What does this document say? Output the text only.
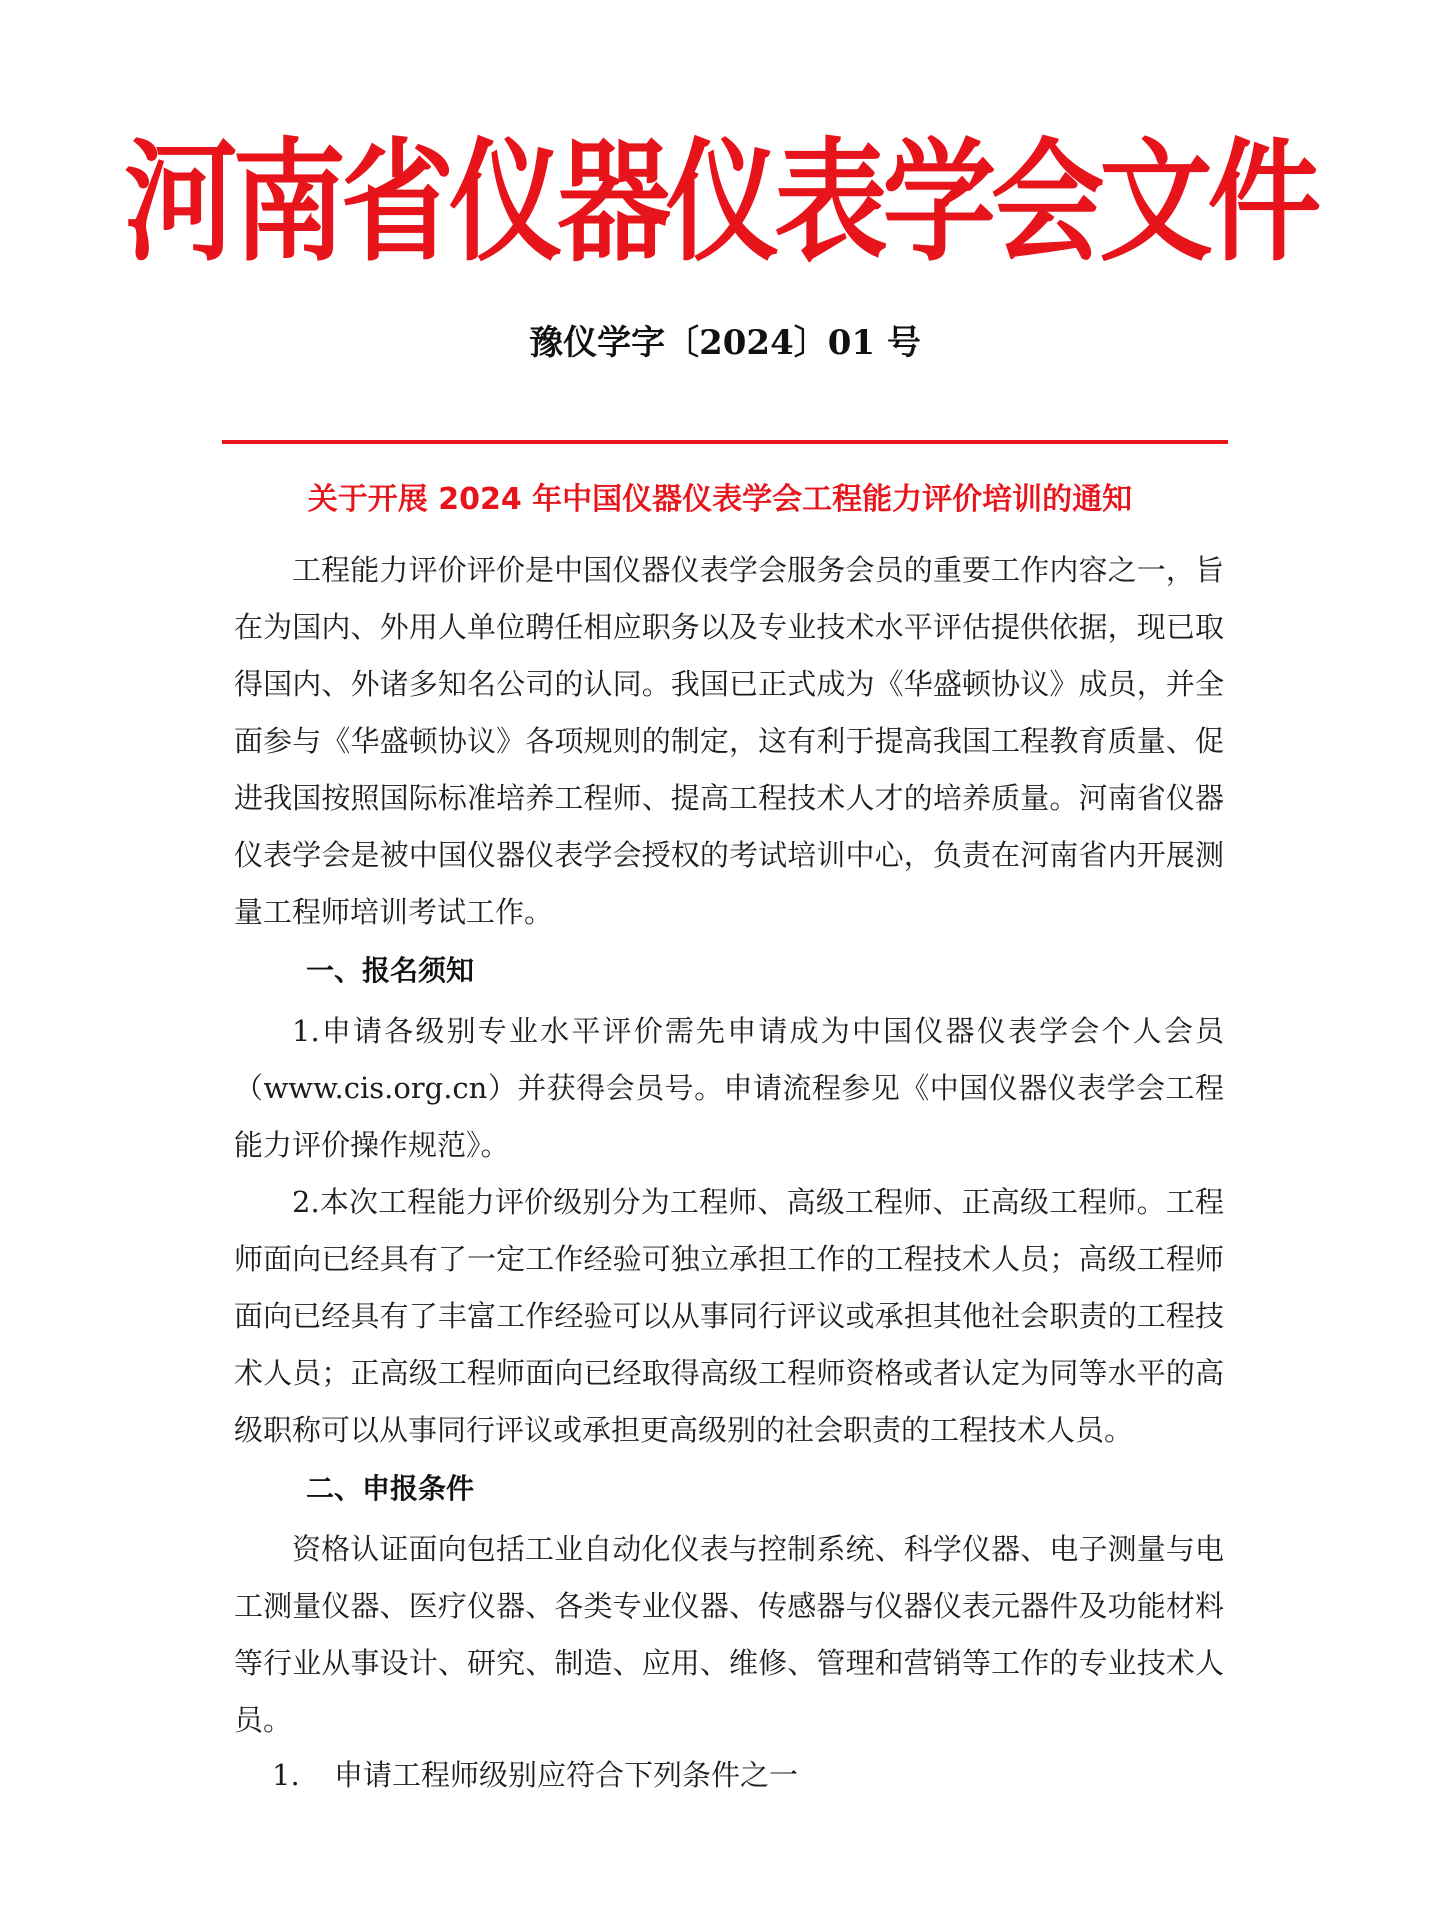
河南省仪器仪表学会文件
豫仪学字〔2024〕01 号
关于开展 2024 年中国仪器仪表学会工程能力评价培训的通知

工程能力评价评价是中国仪器仪表学会服务会员的重要工作内容之一，旨在为国内、外用人单位聘任相应职务以及专业技术水平评估提供依据，现已取得国内、外诸多知名公司的认同。我国已正式成为《华盛顿协议》成员，并全面参与《华盛顿协议》各项规则的制定，这有利于提高我国工程教育质量、促进我国按照国际标准培养工程师、提高工程技术人才的培养质量。河南省仪器仪表学会是被中国仪器仪表学会授权的考试培训中心，负责在河南省内开展测量工程师培训考试工作。

一、报名须知

1.申请各级别专业水平评价需先申请成为中国仪器仪表学会个人会员（www.cis.org.cn）并获得会员号。申请流程参见《中国仪器仪表学会工程能力评价操作规范》。

2.本次工程能力评价级别分为工程师、高级工程师、正高级工程师。工程师面向已经具有了一定工作经验可独立承担工作的工程技术人员；高级工程师面向已经具有了丰富工作经验可以从事同行评议或承担其他社会职责的工程技术人员；正高级工程师面向已经取得高级工程师资格或者认定为同等水平的高级职称可以从事同行评议或承担更高级别的社会职责的工程技术人员。

二、申报条件

资格认证面向包括工业自动化仪表与控制系统、科学仪器、电子测量与电工测量仪器、医疗仪器、各类专业仪器、传感器与仪器仪表元器件及功能材料等行业从事设计、研究、制造、应用、维修、管理和营销等工作的专业技术人员。

1. 申请工程师级别应符合下列条件之一
